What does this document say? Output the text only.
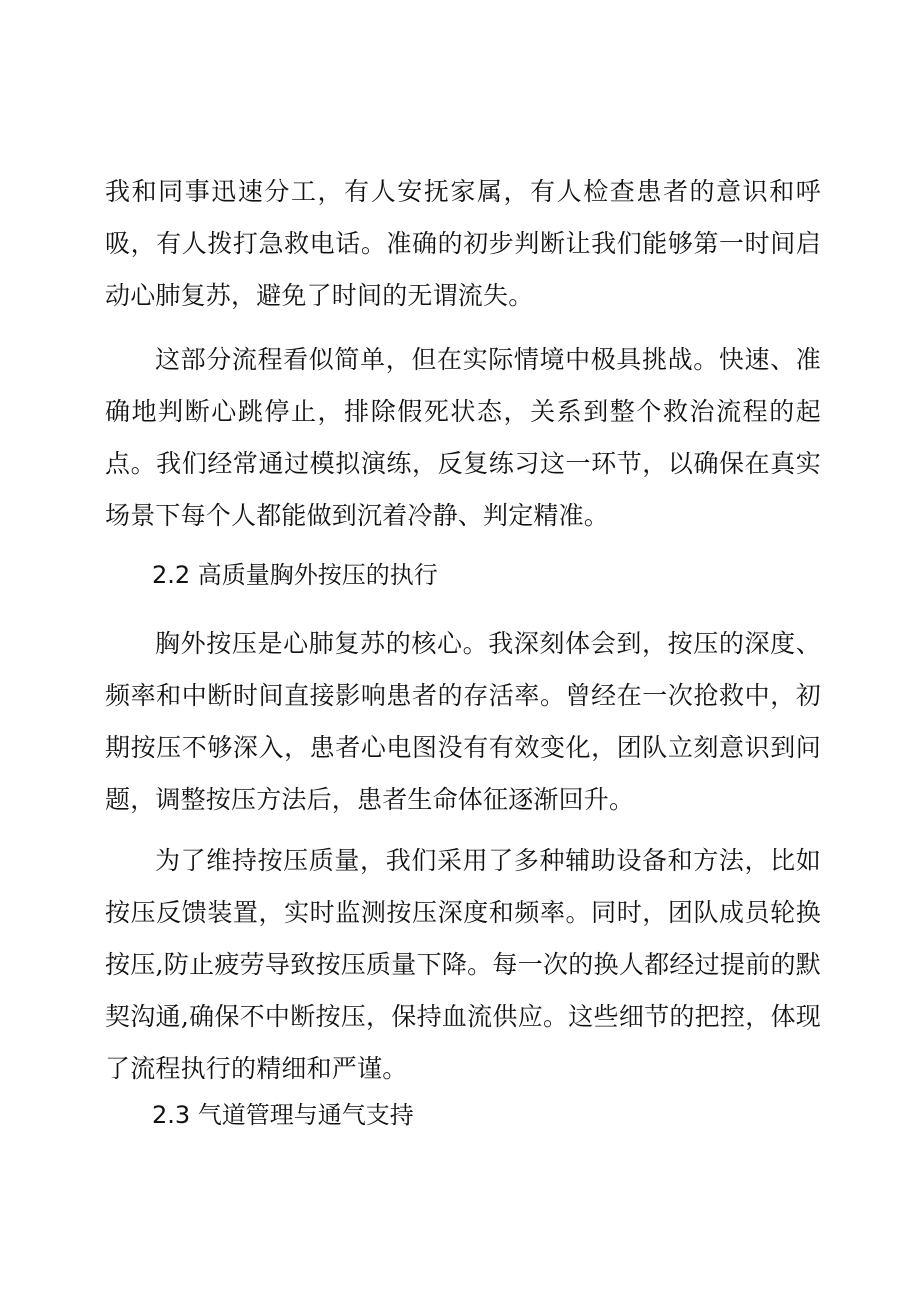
我和同事迅速分工，有人安抚家属，有人检查患者的意识和呼吸，有人拨打急救电话。准确的初步判断让我们能够第一时间启动心肺复苏，避免了时间的无谓流失。

这部分流程看似简单，但在实际情境中极具挑战。快速、准确地判断心跳停止，排除假死状态，关系到整个救治流程的起点。我们经常通过模拟演练，反复练习这一环节，以确保在真实场景下每个人都能做到沉着冷静、判定精准。

2.2 高质量胸外按压的执行

胸外按压是心肺复苏的核心。我深刻体会到，按压的深度、频率和中断时间直接影响患者的存活率。曾经在一次抢救中，初期按压不够深入，患者心电图没有有效变化，团队立刻意识到问题，调整按压方法后，患者生命体征逐渐回升。

为了维持按压质量，我们采用了多种辅助设备和方法，比如按压反馈装置，实时监测按压深度和频率。同时，团队成员轮换按压,防止疲劳导致按压质量下降。每一次的换人都经过提前的默契沟通,确保不中断按压，保持血流供应。这些细节的把控，体现了流程执行的精细和严谨。

2.3 气道管理与通气支持
